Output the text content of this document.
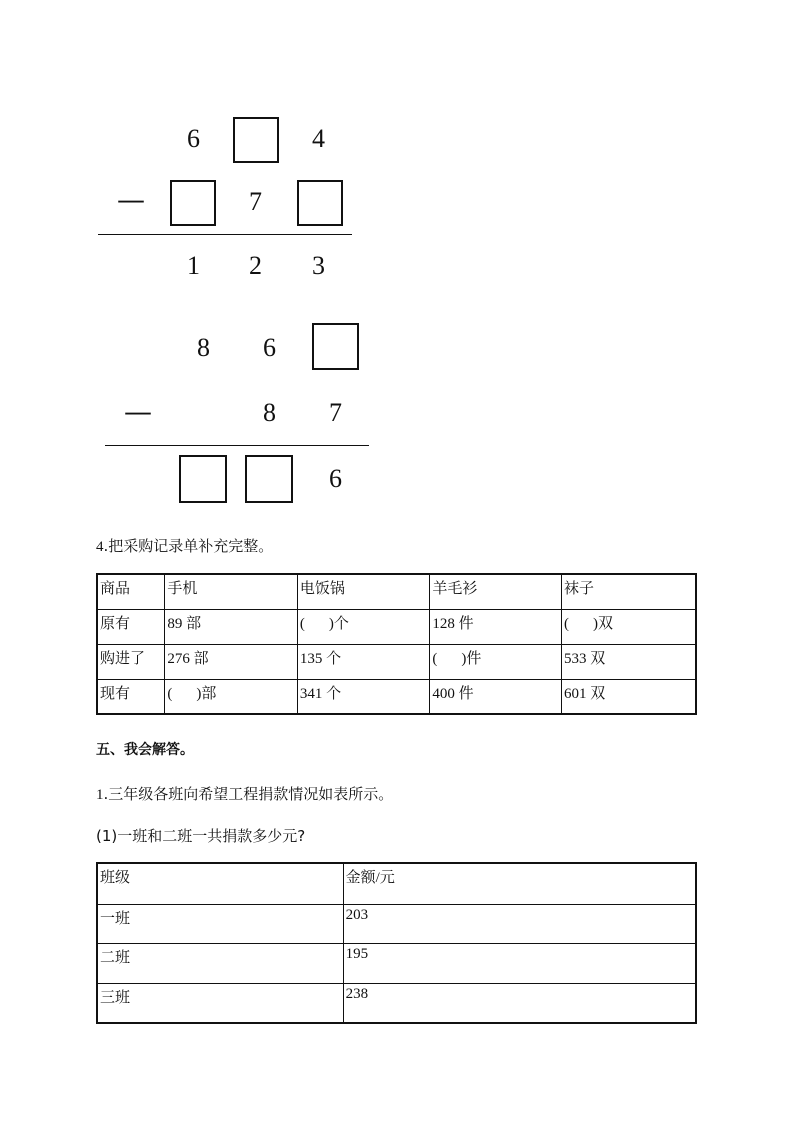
6	4
—	7
1 2 3
8 6
—	8 7
6
4.把采购记录单补充完整。
商品	手机	电饭锅	羊毛衫	袜子
原有	89 部	( )个	128 件	( )双
购进了	276 部	135 个	( )件	533 双
现有	( )部	341 个	400 件	601 双
五、我会解答。
1.三年级各班向希望工程捐款情况如表所示。
(1)一班和二班一共捐款多少元?
班级	金额/元
一班	203
二班	195
三班	238
